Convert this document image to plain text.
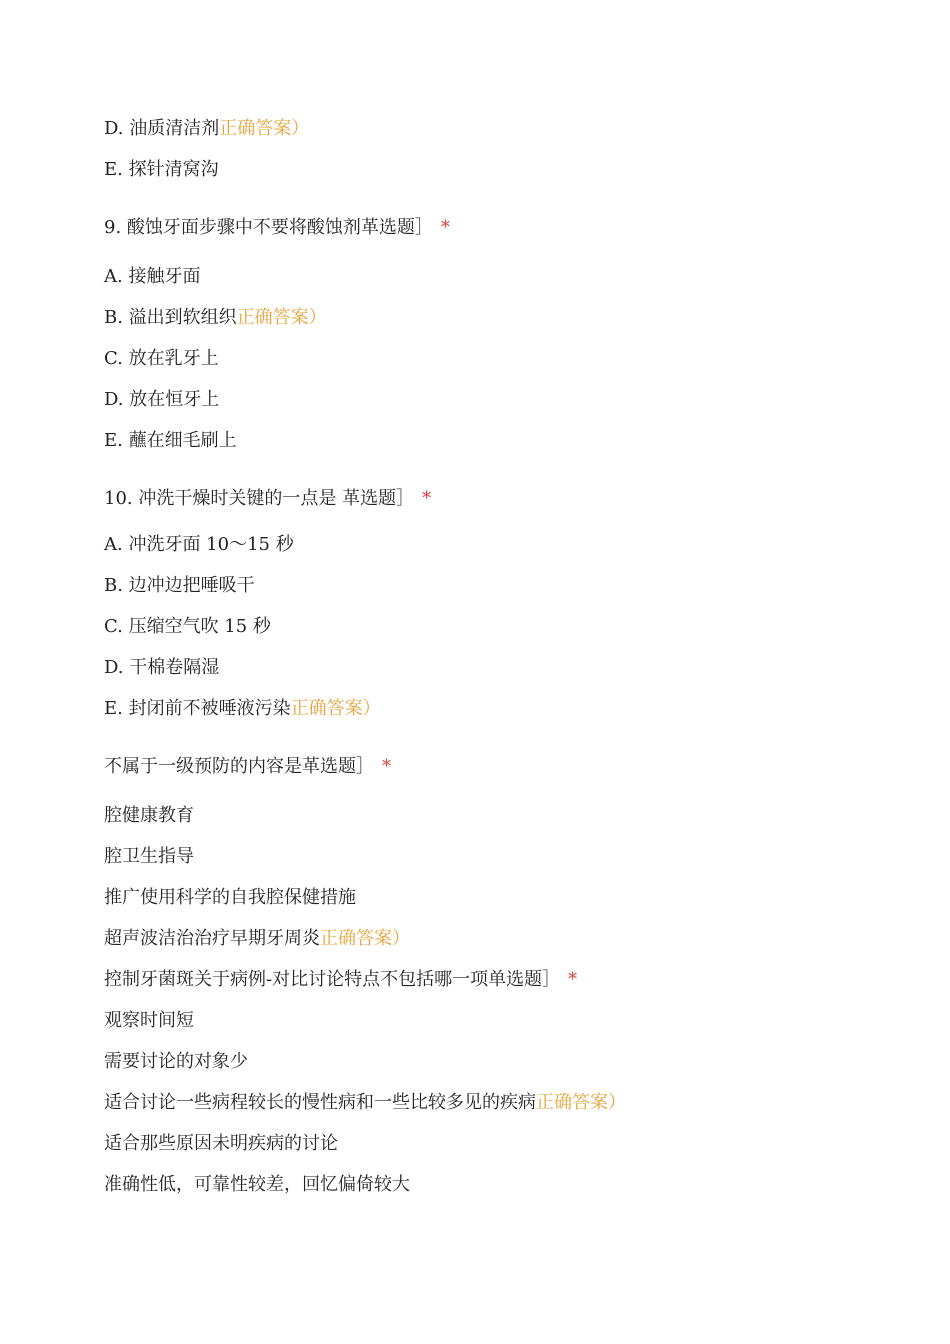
D. 油质清洁剂正确答案）
E. 探针清窝沟
9. 酸蚀牙面步骤中不要将酸蚀剂革选题］ *
A. 接触牙面
B. 溢出到软组织正确答案）
C. 放在乳牙上
D. 放在恒牙上
E. 蘸在细毛刷上
10. 冲洗干燥时关键的一点是 革选题］ *
A. 冲洗牙面 10〜15 秒
B. 边冲边把唾吸干
C. 压缩空气吹 15 秒
D. 干棉卷隔湿
E. 封闭前不被唾液污染正确答案）
不属于一级预防的内容是革选题］ *
腔健康教育
腔卫生指导
推广使用科学的自我腔保健措施
超声波洁治治疗早期牙周炎正确答案）
控制牙菌斑关于病例-对比讨论特点不包括哪一项单选题］ *
观察时间短
需要讨论的对象少
适合讨论一些病程较长的慢性病和一些比较多见的疾病正确答案）
适合那些原因未明疾病的讨论
准确性低，可靠性较差，回忆偏倚较大
